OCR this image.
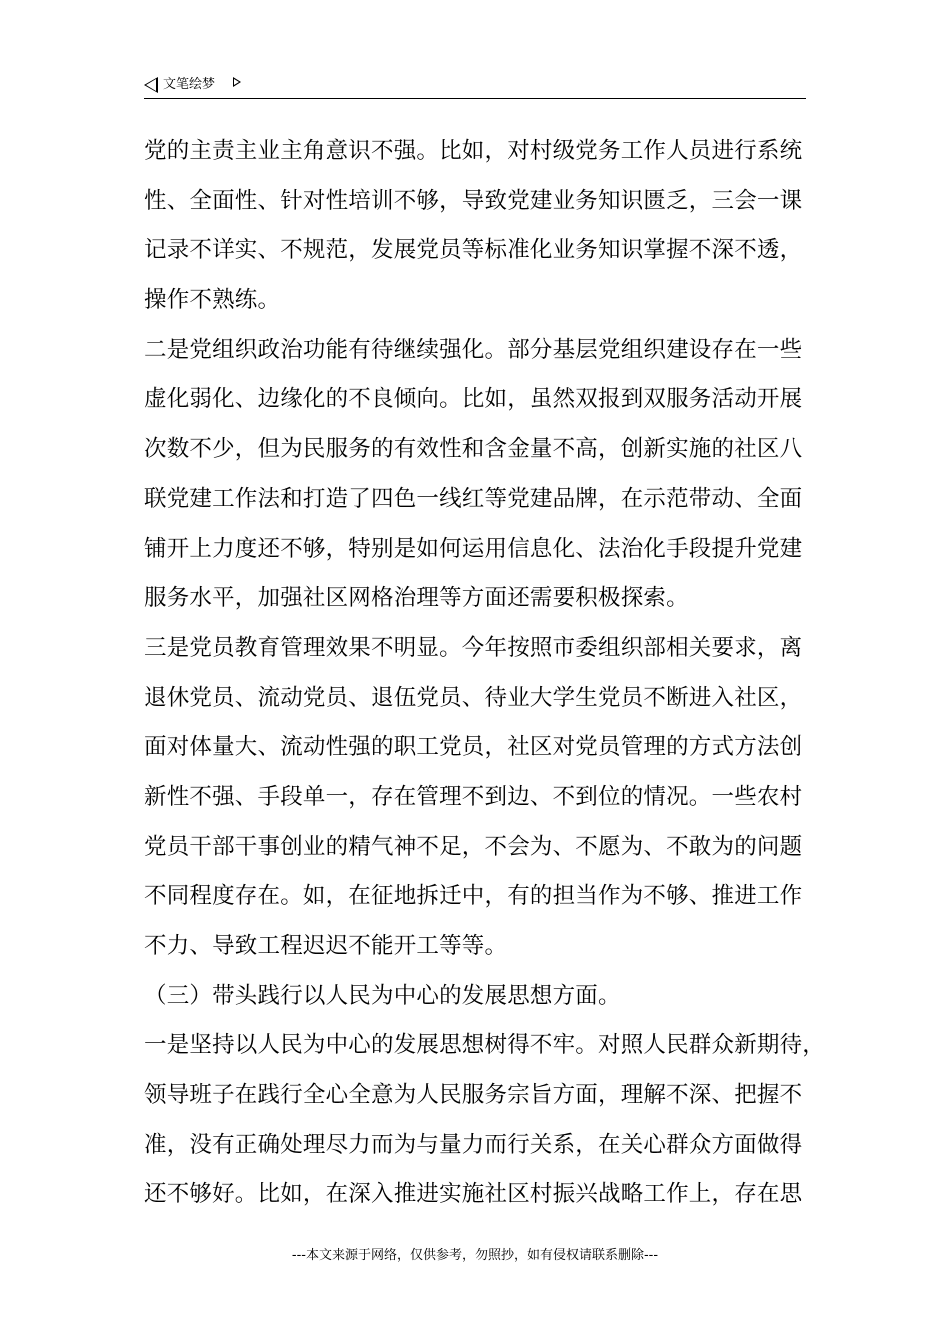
文笔绘梦
党的主责主业主角意识不强。比如，对村级党务工作人员进行系统
性、全面性、针对性培训不够，导致党建业务知识匮乏，三会一课
记录不详实、不规范，发展党员等标准化业务知识掌握不深不透，
操作不熟练。
二是党组织政治功能有待继续强化。部分基层党组织建设存在一些
虚化弱化、边缘化的不良倾向。比如，虽然双报到双服务活动开展
次数不少，但为民服务的有效性和含金量不高，创新实施的社区八
联党建工作法和打造了四色一线红等党建品牌，在示范带动、全面
铺开上力度还不够，特别是如何运用信息化、法治化手段提升党建
服务水平，加强社区网格治理等方面还需要积极探索。
三是党员教育管理效果不明显。今年按照市委组织部相关要求，离
退休党员、流动党员、退伍党员、待业大学生党员不断进入社区，
面对体量大、流动性强的职工党员，社区对党员管理的方式方法创
新性不强、手段单一，存在管理不到边、不到位的情况。一些农村
党员干部干事创业的精气神不足，不会为、不愿为、不敢为的问题
不同程度存在。如，在征地拆迁中，有的担当作为不够、推进工作
不力、导致工程迟迟不能开工等等。
（三）带头践行以人民为中心的发展思想方面。
一是坚持以人民为中心的发展思想树得不牢。对照人民群众新期待，
领导班子在践行全心全意为人民服务宗旨方面，理解不深、把握不
准，没有正确处理尽力而为与量力而行关系，在关心群众方面做得
还不够好。比如，在深入推进实施社区村振兴战略工作上，存在思
---本文来源于网络，仅供参考，勿照抄，如有侵权请联系删除---
